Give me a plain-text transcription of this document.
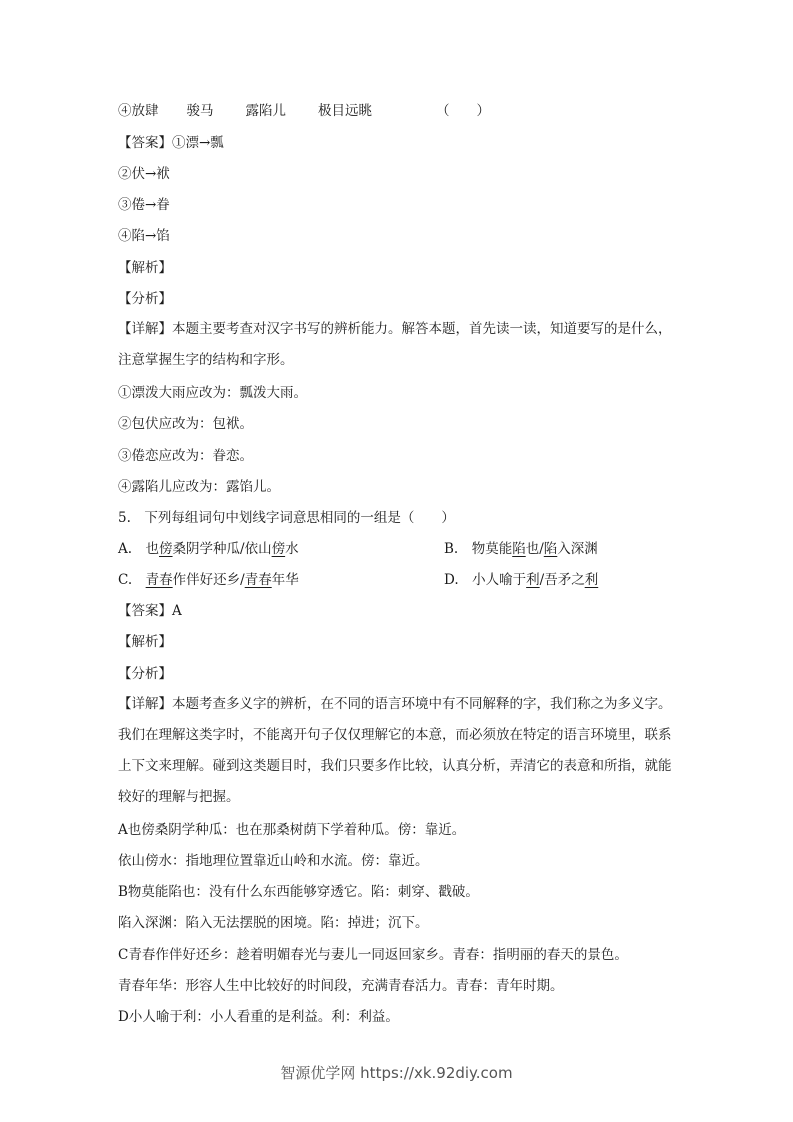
④放肆 骏马 露陷儿 极目远眺	（　　）
【答案】①漂→瓢
②伏→袱
③倦→眷
④陷→馅
【解析】
【分析】
【详解】本题主要考查对汉字书写的辨析能力。解答本题，首先读一读，知道要写的是什么，注意掌握生字的结构和字形。
①漂泼大雨应改为：瓢泼大雨。
②包伏应改为：包袱。
③倦恋应改为：眷恋。
④露陷儿应改为：露馅儿。
5.　下列每组词句中划线字词意思相同的一组是（　　）
A.　也傍桑阴学种瓜/依山傍水	B.　物莫能陷也/陷入深渊
C.　青春作伴好还乡/青春年华	D.　小人喻于利/吾矛之利
【答案】A
【解析】
【分析】
【详解】本题考查多义字的辨析，在不同的语言环境中有不同解释的字，我们称之为多义字。我们在理解这类字时，不能离开句子仅仅理解它的本意，而必须放在特定的语言环境里，联系上下文来理解。碰到这类题目时，我们只要多作比较，认真分析，弄清它的表意和所指，就能较好的理解与把握。
A也傍桑阴学种瓜：也在那桑树荫下学着种瓜。傍：靠近。
依山傍水：指地理位置靠近山岭和水流。傍：靠近。
B物莫能陷也：没有什么东西能够穿透它。陷：刺穿、戳破。
陷入深渊：陷入无法摆脱的困境。陷：掉进；沉下。
C青春作伴好还乡：趁着明媚春光与妻儿一同返回家乡。青春：指明丽的春天的景色。
青春年华：形容人生中比较好的时间段，充满青春活力。青春：青年时期。
D小人喻于利：小人看重的是利益。利：利益。
智源优学网 https://xk.92diy.com
